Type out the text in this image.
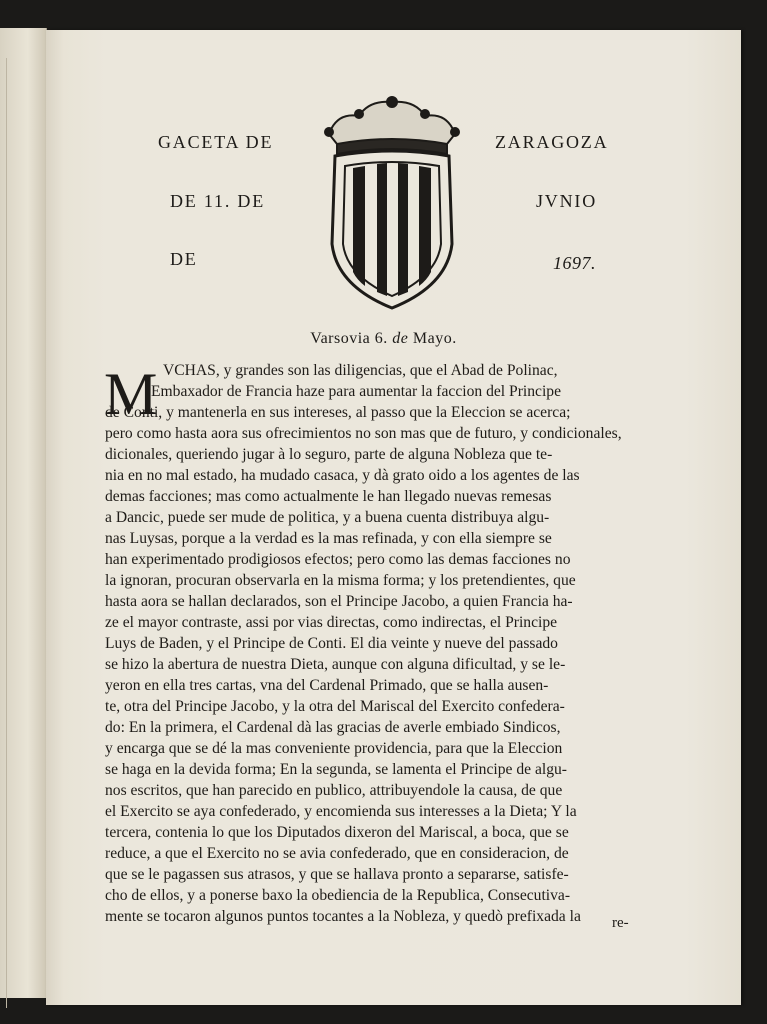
GACETA DE	ZARAGOZA
DE 11. DE	JVNIO
DE	1697.
Varsovia 6. de Mayo.
M VCHAS, y grandes son las diligencias, que el Abad de Polinac,
Embaxador de Francia haze para aumentar la faccion del Principe
de Conti, y mantenerla en sus intereses, al passo que la Eleccion se acerca;
pero como hasta aora sus ofrecimientos no son mas que de futuro, y condicionales,
dicionales, queriendo jugar à lo seguro, parte de alguna Nobleza que te-
nia en no mal estado, ha mudado casaca, y dà grato oido a los agentes de las
demas facciones; mas como actualmente le han llegado nuevas remesas
a Dancic, puede ser mude de politica, y a buena cuenta distribuya algu-
nas Luysas, porque a la verdad es la mas refinada, y con ella siempre se
han experimentado prodigiosos efectos; pero como las demas facciones no
la ignoran, procuran observarla en la misma forma; y los pretendientes, que
hasta aora se hallan declarados, son el Principe Jacobo, a quien Francia ha-
ze el mayor contraste, assi por vias directas, como indirectas, el Principe
Luys de Baden, y el Principe de Conti. El dia veinte y nueve del passado
se hizo la abertura de nuestra Dieta, aunque con alguna dificultad, y se le-
yeron en ella tres cartas, vna del Cardenal Primado, que se halla ausen-
te, otra del Principe Jacobo, y la otra del Mariscal del Exercito confedera-
do: En la primera, el Cardenal dà las gracias de averle embiado Sindicos,
y encarga que se dé la mas conveniente providencia, para que la Eleccion
se haga en la devida forma; En la segunda, se lamenta el Principe de algu-
nos escritos, que han parecido en publico, attribuyendole la causa, de que
el Exercito se aya confederado, y encomienda sus interesses a la Dieta; Y la
tercera, contenia lo que los Diputados dixeron del Mariscal, a boca, que se
reduce, a que el Exercito no se avia confederado, que en consideracion, de
que se le pagassen sus atrasos, y que se hallava pronto a separarse, satisfe-
cho de ellos, y a ponerse baxo la obediencia de la Republica, Consecutiva-
mente se tocaron algunos puntos tocantes a la Nobleza, y quedò prefixada la re-
